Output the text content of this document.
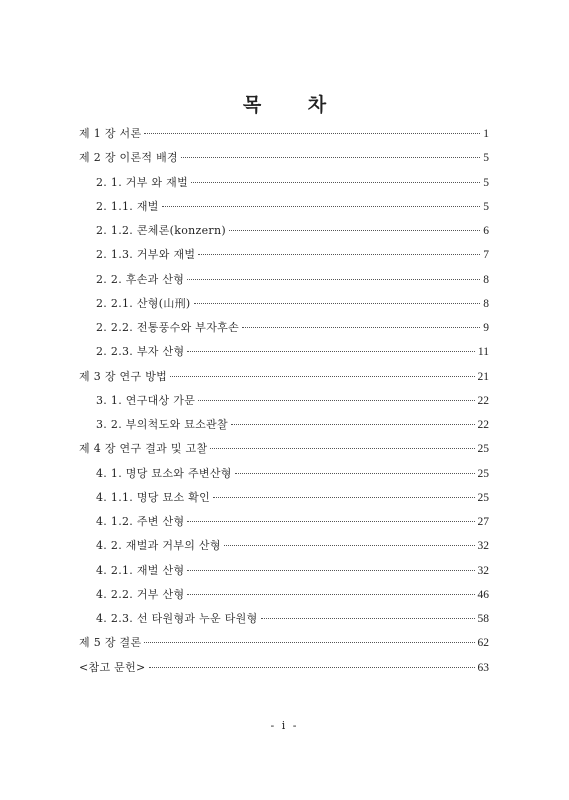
목 차
제 1 장 서론	1
제 2 장 이론적 배경	5
2. 1. 거부 와 재벌	5
2. 1.1. 재벌	5
2. 1.2. 콘체론(konzern)	6
2. 1.3. 거부와 재벌	7
2. 2. 후손과 산형	8
2. 2.1. 산형(山刑)	8
2. 2.2. 전통풍수와 부자후손	9
2. 2.3. 부자 산형	11
제 3 장 연구 방법	21
3. 1. 연구대상 가문	22
3. 2. 부의척도와 묘소관찰	22
제 4 장 연구 결과 및 고찰	25
4. 1. 명당 묘소와 주변산형	25
4. 1.1. 명당 묘소 확인	25
4. 1.2. 주변 산형	27
4. 2. 재벌과 거부의 산형	32
4. 2.1. 재벌 산형	32
4. 2.2. 거부 산형	46
4. 2.3. 선 타원형과 누운 타원형	58
제 5 장 결론	62
<참고 문헌>	63
- i -
